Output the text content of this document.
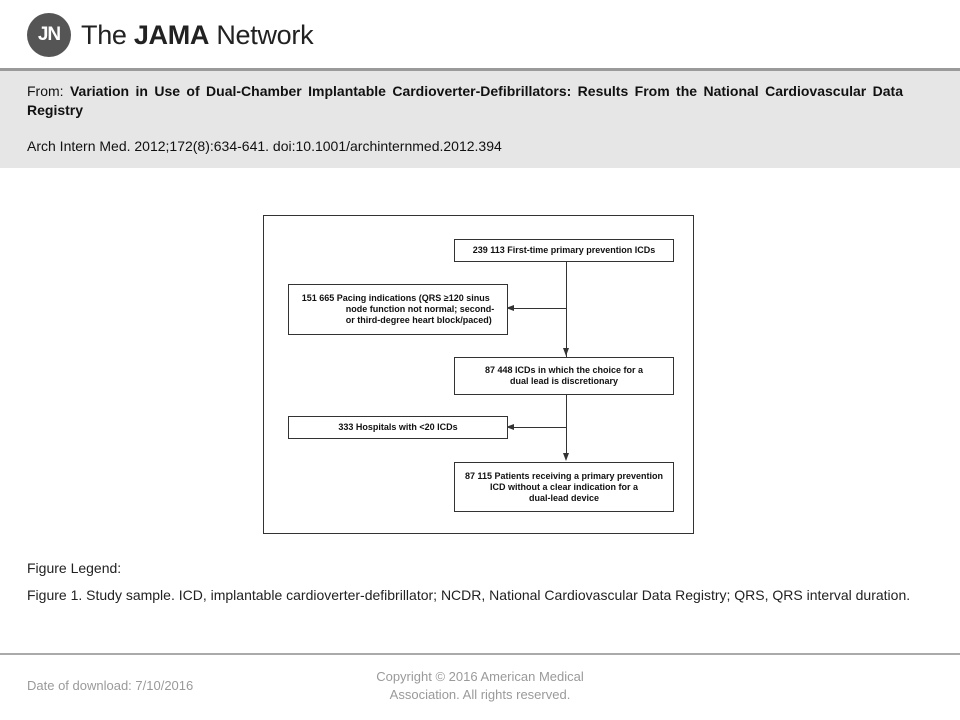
JN The JAMA Network
From: Variation in Use of Dual-Chamber Implantable Cardioverter-Defibrillators: Results From the National Cardiovascular Data Registry
Arch Intern Med. 2012;172(8):634-641. doi:10.1001/archinternmed.2012.394
239 113 First-time primary prevention ICDs
151 665 Pacing indications (QRS ≥120 sinus
node function not normal; second-
or third-degree heart block/paced)
87 448 ICDs in which the choice for a
dual lead is discretionary
333 Hospitals with <20 ICDs
87 115 Patients receiving a primary prevention
ICD without a clear indication for a
dual-lead device
Figure Legend:
Figure 1. Study sample. ICD, implantable cardioverter-defibrillator; NCDR, National Cardiovascular Data Registry; QRS, QRS interval duration.
Date of download: 7/10/2016
Copyright © 2016 American Medical Association. All rights reserved.
